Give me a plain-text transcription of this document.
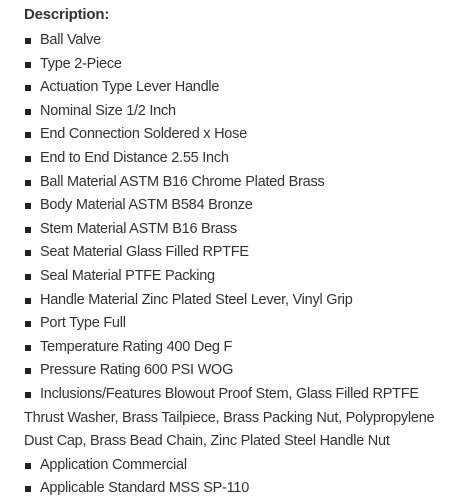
Description:
Ball Valve
Type 2-Piece
Actuation Type Lever Handle
Nominal Size 1/2 Inch
End Connection Soldered x Hose
End to End Distance 2.55 Inch
Ball Material ASTM B16 Chrome Plated Brass
Body Material ASTM B584 Bronze
Stem Material ASTM B16 Brass
Seat Material Glass Filled RPTFE
Seal Material PTFE Packing
Handle Material Zinc Plated Steel Lever, Vinyl Grip
Port Type Full
Temperature Rating 400 Deg F
Pressure Rating 600 PSI WOG
Inclusions/Features Blowout Proof Stem, Glass Filled RPTFE Thrust Washer, Brass Tailpiece, Brass Packing Nut, Polypropylene Dust Cap, Brass Bead Chain, Zinc Plated Steel Handle Nut
Application Commercial
Applicable Standard MSS SP-110
